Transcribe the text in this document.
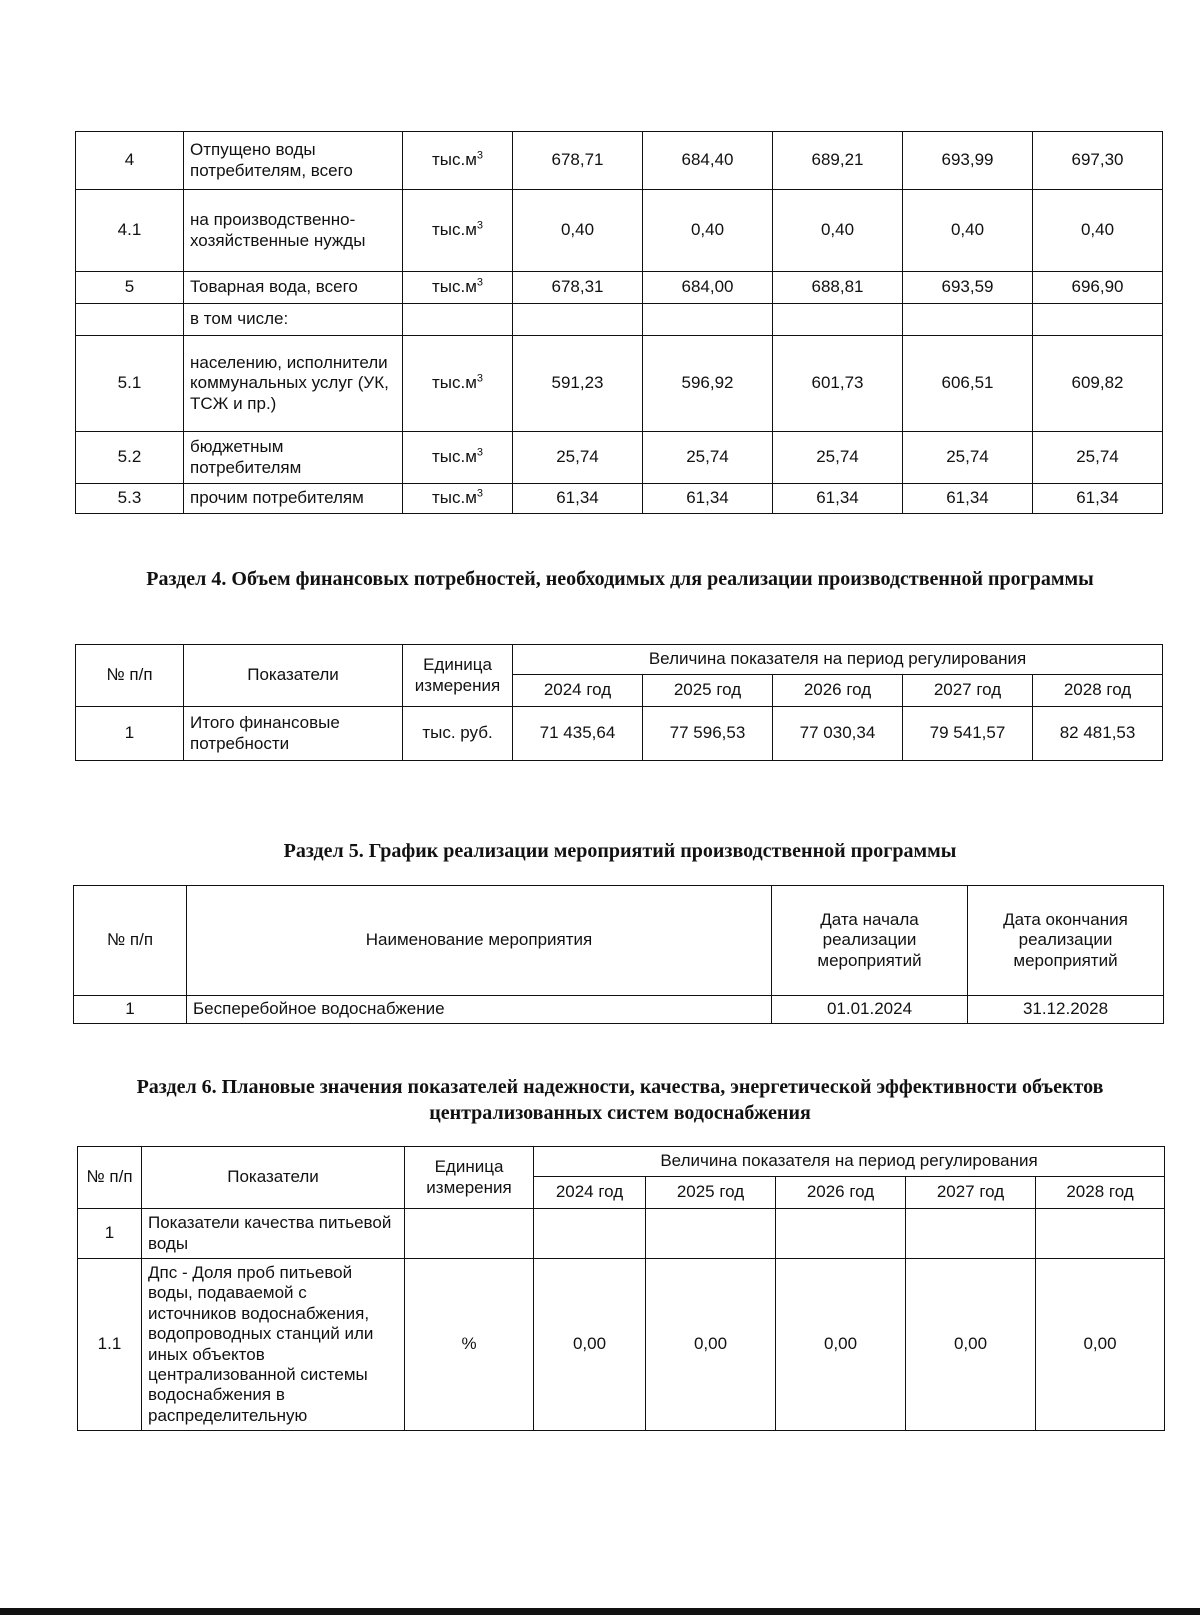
4	Отпущено воды потребителям, всего	$тыс.м^3$	678,71	684,40	689,21	693,99	697,30
4.1	на производственно-хозяйственные нужды	$тыс.м^3$	0,40	0,40	0,40	0,40	0,40
5	Товарная вода, всего	$тыс.м^3$	678,31	684,00	688,81	693,59	696,90
	в том числе:						
5.1	населению, исполнители коммунальных услуг (УК, ТСЖ и пр.)	$тыс.м^3$	591,23	596,92	601,73	606,51	609,82
5.2	бюджетным потребителям	$тыс.м^3$	25,74	25,74	25,74	25,74	25,74
5.3	прочим потребителям	$тыс.м^3$	61,34	61,34	61,34	61,34	61,34
Раздел 4. Объем финансовых потребностей, необходимых для реализации производственной программы
№ п/п	Показатели	Единица измерения	Величина показателя на период регулирования				
			2024 год	2025 год	2026 год	2027 год	2028 год
1	Итого финансовые потребности	тыс. руб.	71 435,64	77 596,53	77 030,34	79 541,57	82 481,53
Раздел 5. График реализации мероприятий производственной программы
№ п/п	Наименование мероприятия	Дата начала реализации мероприятий	Дата окончания реализации мероприятий
1	Бесперебойное водоснабжение	01.01.2024	31.12.2028
Раздел 6. Плановые значения показателей надежности, качества, энергетической эффективности объектов централизованных систем водоснабжения
№ п/п	Показатели	Единица измерения	Величина показателя на период регулирования				
			2024 год	2025 год	2026 год	2027 год	2028 год
1	Показатели качества питьевой воды						
1.1	Дпс - Доля проб питьевой воды, подаваемой с источников водоснабжения, водопроводных станций или иных объектов централизованной системы водоснабжения в распределительную	%	0,00	0,00	0,00	0,00	0,00
